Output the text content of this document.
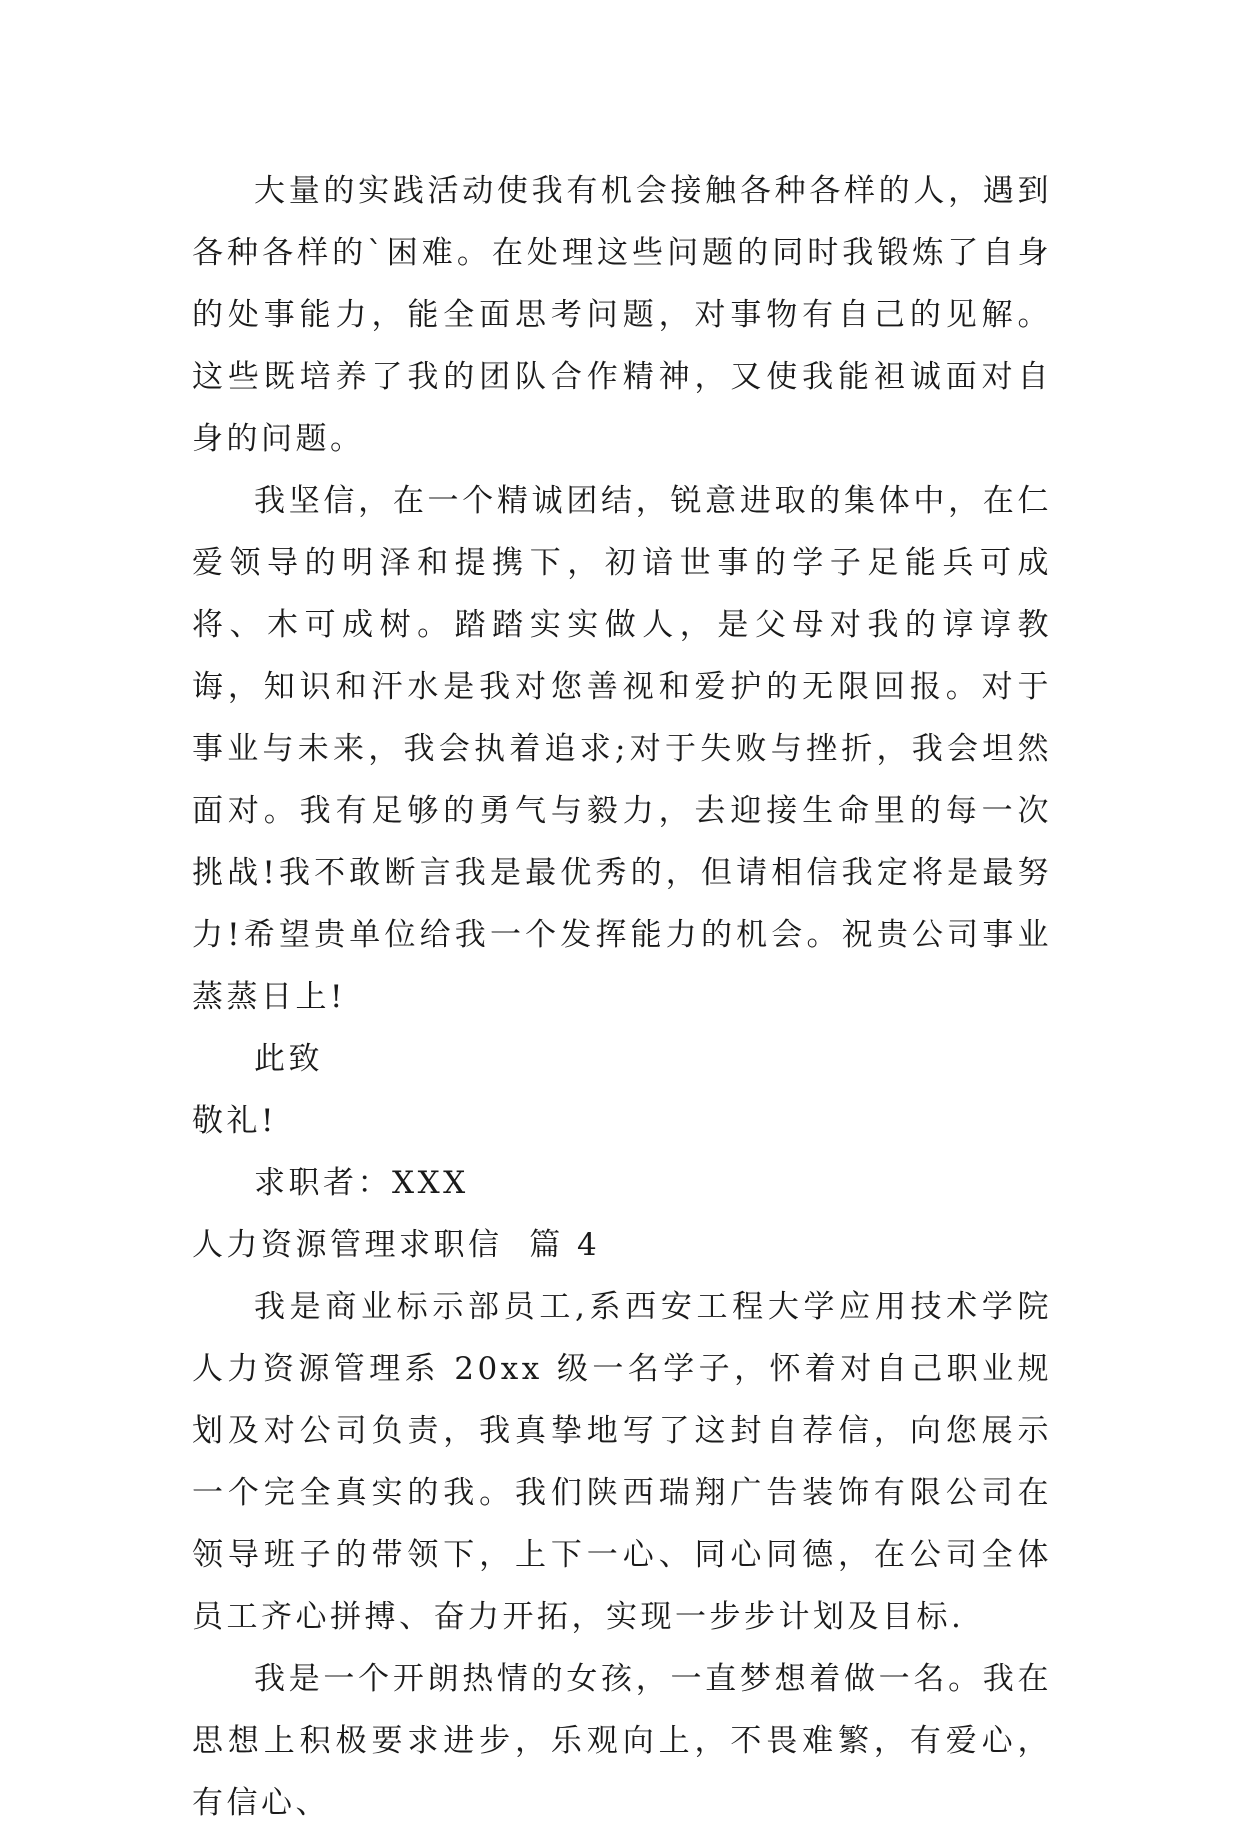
大量的实践活动使我有机会接触各种各样的人，遇到各种各样的`困难。在处理这些问题的同时我锻炼了自身的处事能力，能全面思考问题，对事物有自己的见解。这些既培养了我的团队合作精神，又使我能袒诚面对自身的问题。

我坚信，在一个精诚团结，锐意进取的集体中，在仁爱领导的明泽和提携下，初谙世事的学子足能兵可成将、木可成树。踏踏实实做人，是父母对我的谆谆教诲，知识和汗水是我对您善视和爱护的无限回报。对于事业与未来，我会执着追求;对于失败与挫折，我会坦然面对。我有足够的勇气与毅力，去迎接生命里的每一次挑战!我不敢断言我是最优秀的，但请相信我定将是最努力!希望贵单位给我一个发挥能力的机会。祝贵公司事业蒸蒸日上!

此致

敬礼!

求职者：XXX

人力资源管理求职信  篇 4

我是商业标示部员工,系西安工程大学应用技术学院人力资源管理系 20xx 级一名学子，怀着对自己职业规划及对公司负责，我真挚地写了这封自荐信，向您展示一个完全真实的我。我们陕西瑞翔广告装饰有限公司在领导班子的带领下，上下一心、同心同德，在公司全体员工齐心拼搏、奋力开拓，实现一步步计划及目标.

我是一个开朗热情的女孩，一直梦想着做一名。我在思想上积极要求进步，乐观向上，不畏难繁，有爱心，有信心、
